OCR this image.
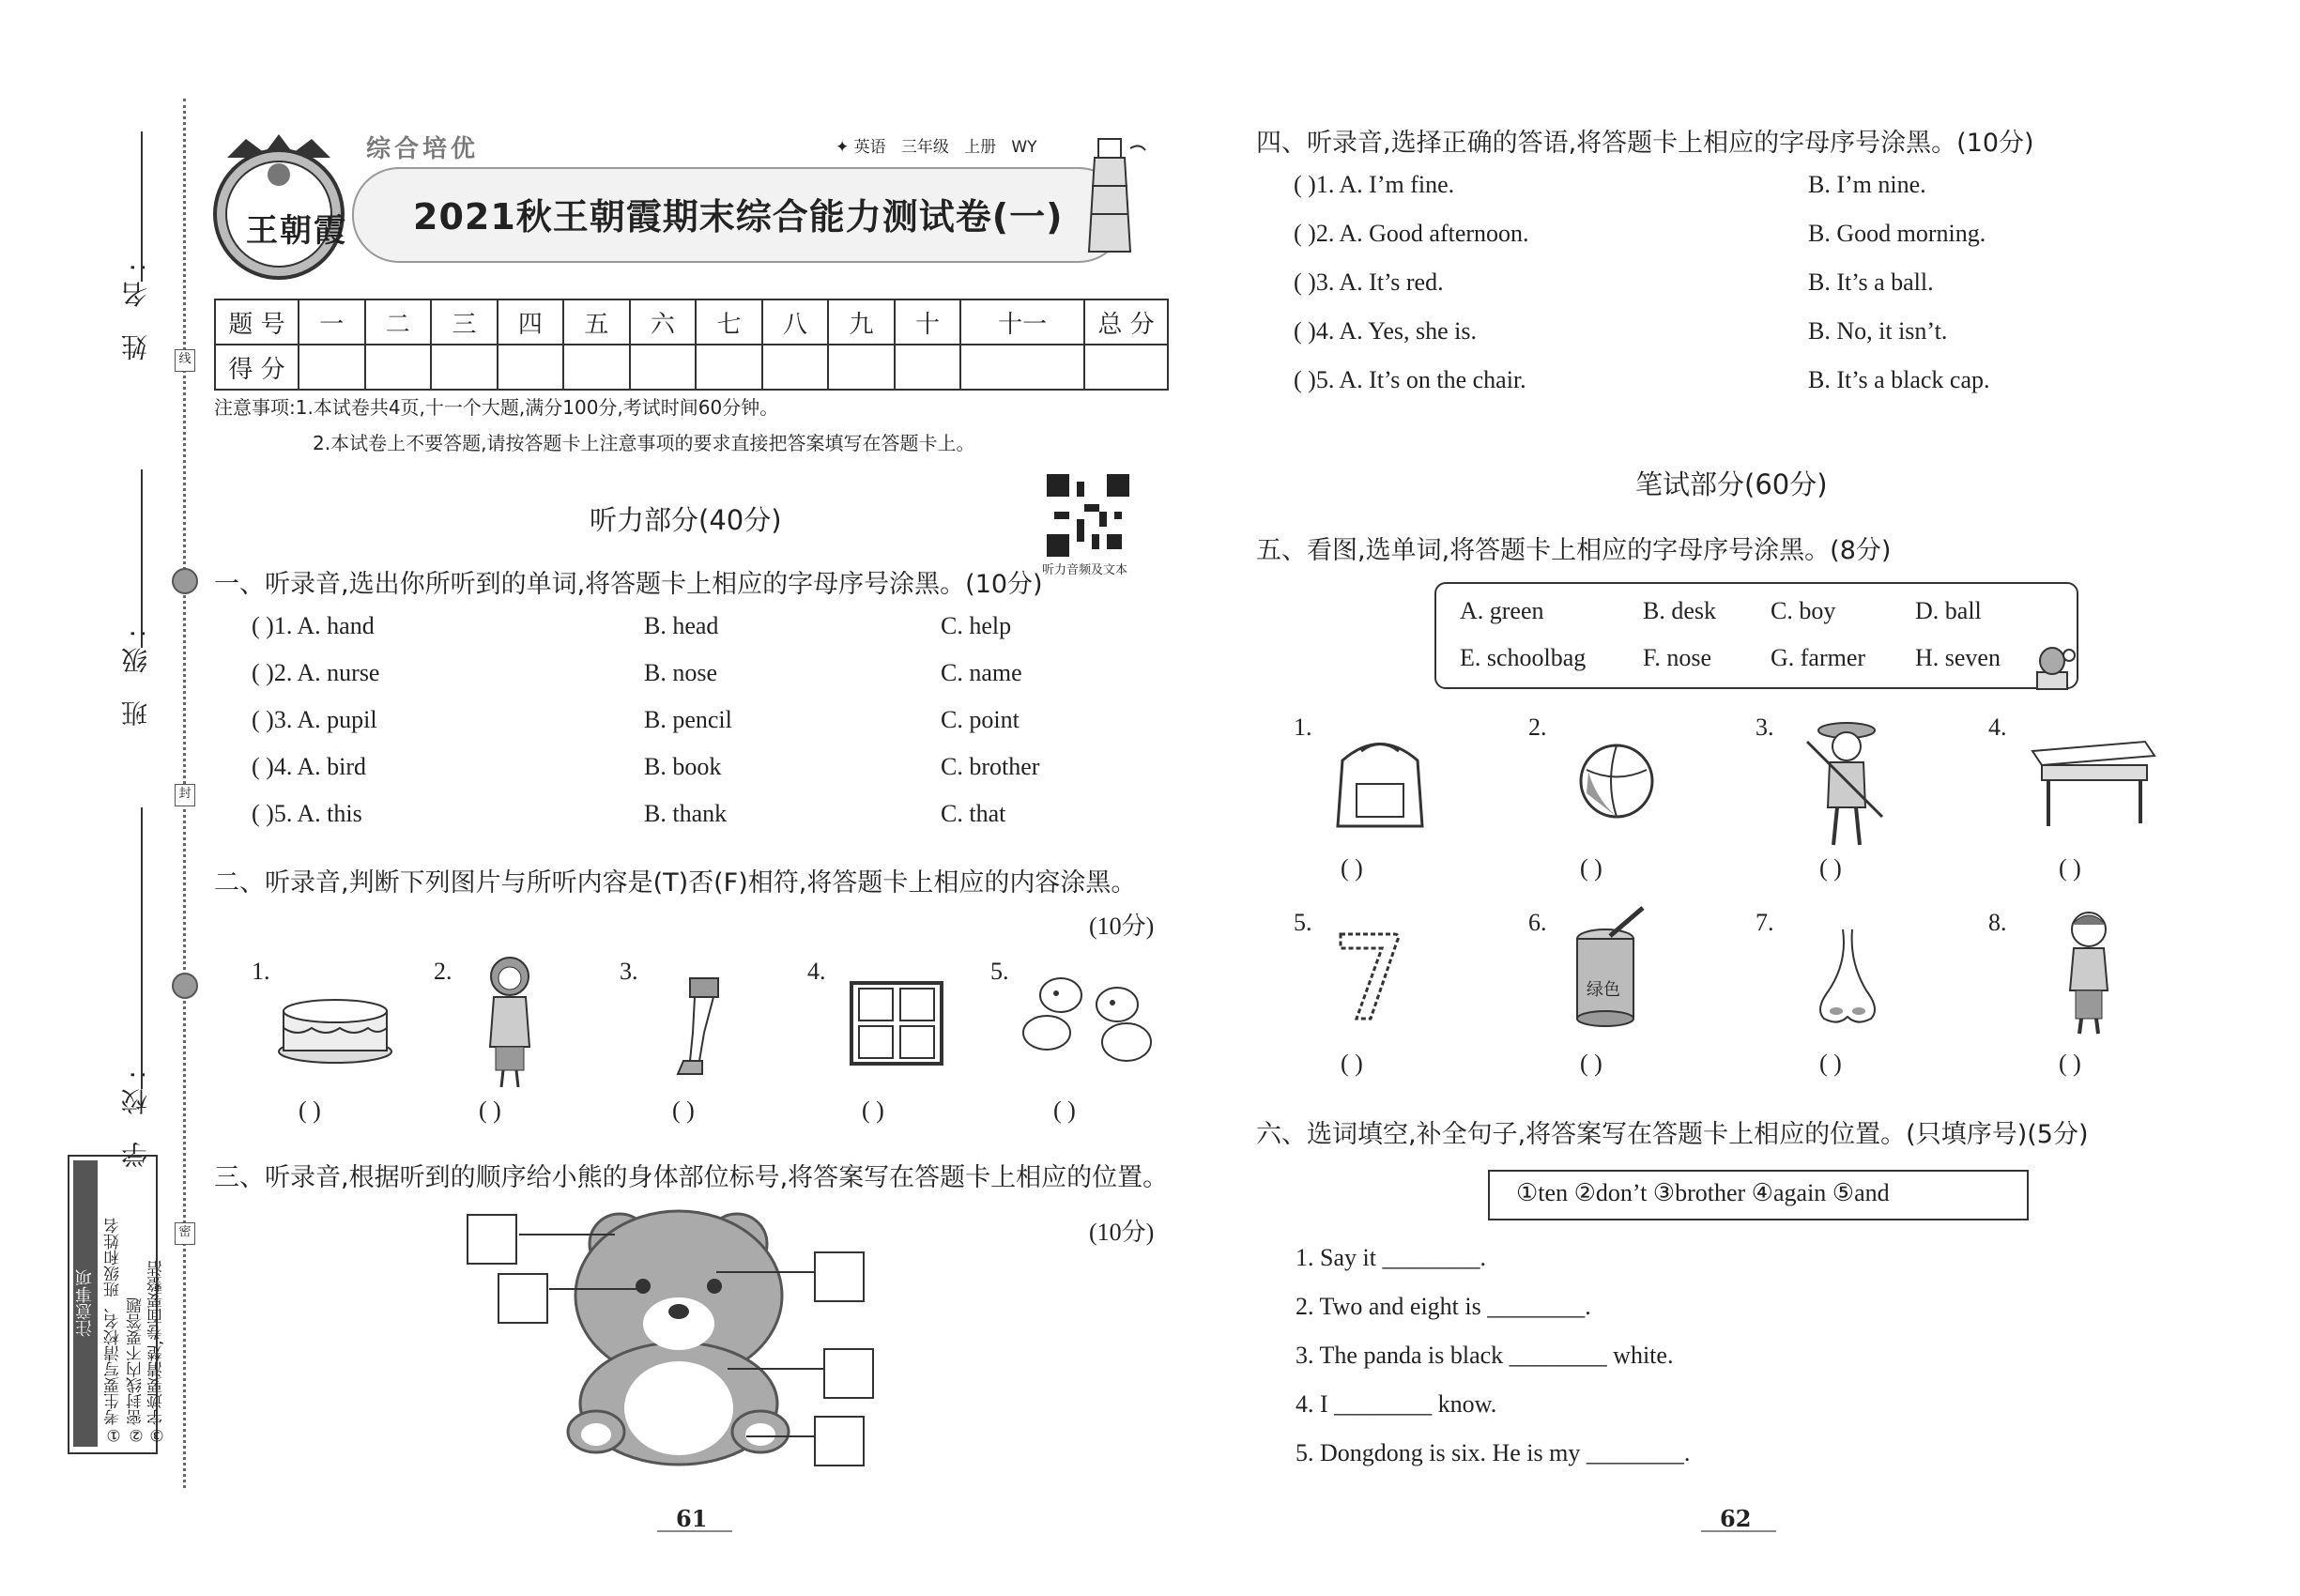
姓 名:
班 级:
学 校:
线
封
密
注意事项 ①考生要写清校名、班级和姓名 ②密封线内不要答题 ③字迹要清楚,卷面要整洁
王朝霞
综合培优	✦ 英语 三年级 上册 WY
2021秋王朝霞期末综合能力测试卷(一)
题 号	一	二	三	四	五	六	七	八	九	十	十一	总 分
得 分												
注意事项:1.本试卷共4页,十一个大题,满分100分,考试时间60分钟。
2.本试卷上不要答题,请按答题卡上注意事项的要求直接把答案填写在答题卡上。
听力部分(40分)
听力音频及文本
一、听录音,选出你所听到的单词,将答题卡上相应的字母序号涂黑。(10分)
( )1. A. hand	B. head	C. help
( )2. A. nurse	B. nose	C. name
( )3. A. pupil	B. pencil	C. point
( )4. A. bird	B. book	C. brother
( )5. A. this	B. thank	C. that
二、听录音,判断下列图片与所听内容是(T)否(F)相符,将答题卡上相应的内容涂黑。
(10分)
1.	2.	3.	4.	5.
( )	( )	( )	( )	( )
三、听录音,根据听到的顺序给小熊的身体部位标号,将答案写在答题卡上相应的位置。
(10分)
四、听录音,选择正确的答语,将答题卡上相应的字母序号涂黑。(10分)
( )1. A. I’m fine.	B. I’m nine.
( )2. A. Good afternoon.	B. Good morning.
( )3. A. It’s red.	B. It’s a ball.
( )4. A. Yes, she is.	B. No, it isn’t.
( )5. A. It’s on the chair.	B. It’s a black cap.
笔试部分(60分)
五、看图,选单词,将答题卡上相应的字母序号涂黑。(8分)
A. green	B. desk C. boy	D. ball
E. schoolbag F. nose G. farmer H. seven
1.	2.	3.	4.
( )	( )	( )	( )
5.	6.
绿色
7.	8.
( )	( )	( )	( )
六、选词填空,补全句子,将答案写在答题卡上相应的位置。(只填序号)(5分)
①ten ②don’t ③brother ④again ⑤and
1. Say it ________.
2. Two and eight is ________.
3. The panda is black ________ white.
4. I ________ know.
5. Dongdong is six. He is my ________.
61	62
